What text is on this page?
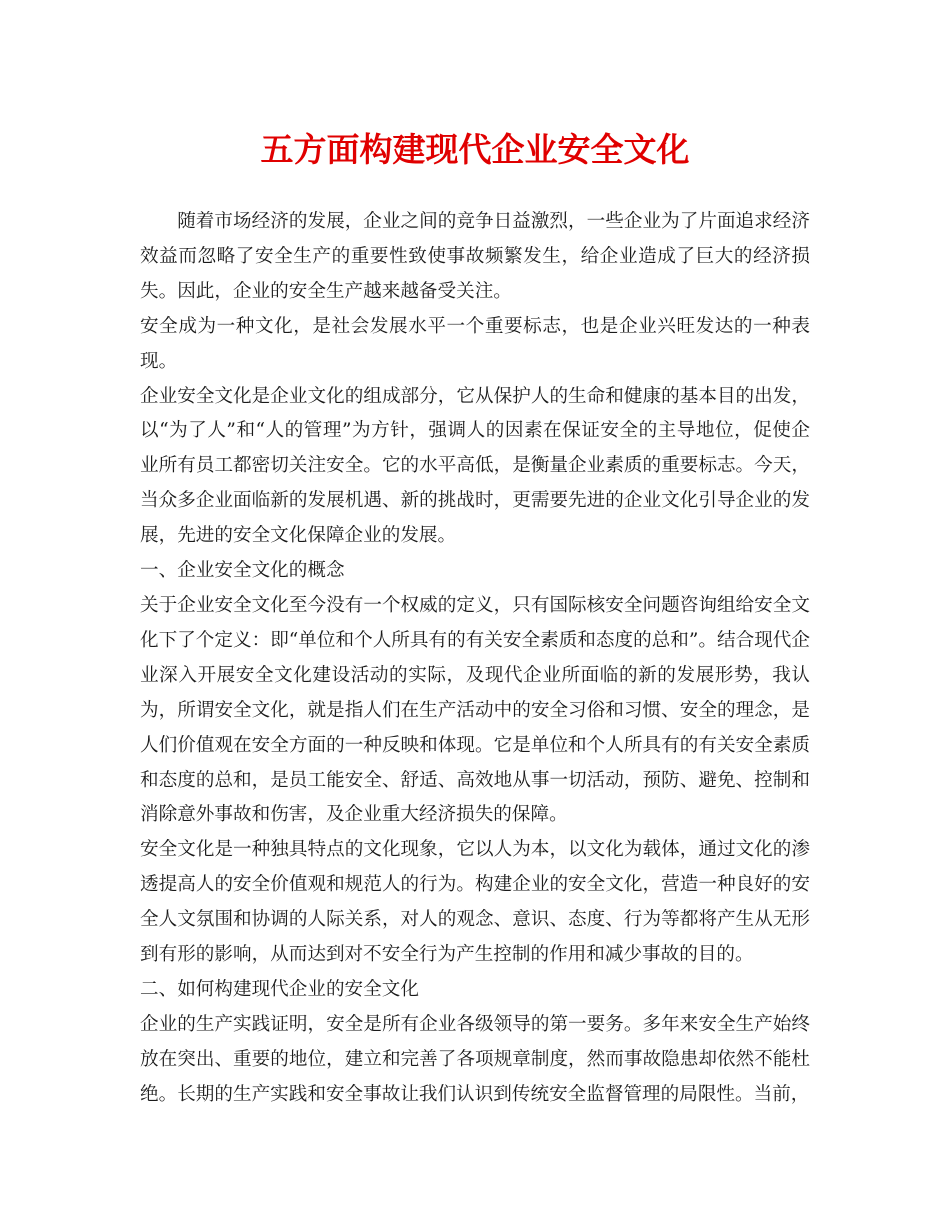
五方面构建现代企业安全文化

随着市场经济的发展，企业之间的竞争日益激烈，一些企业为了片面追求经济效益而忽略了安全生产的重要性致使事故频繁发生，给企业造成了巨大的经济损失。因此，企业的安全生产越来越备受关注。

安全成为一种文化，是社会发展水平一个重要标志，也是企业兴旺发达的一种表现。

企业安全文化是企业文化的组成部分，它从保护人的生命和健康的基本目的出发，以“为了人”和“人的管理”为方针，强调人的因素在保证安全的主导地位，促使企业所有员工都密切关注安全。它的水平高低，是衡量企业素质的重要标志。今天，当众多企业面临新的发展机遇、新的挑战时，更需要先进的企业文化引导企业的发展，先进的安全文化保障企业的发展。

一、企业安全文化的概念

关于企业安全文化至今没有一个权威的定义，只有国际核安全问题咨询组给安全文化下了个定义：即“单位和个人所具有的有关安全素质和态度的总和”。结合现代企业深入开展安全文化建设活动的实际，及现代企业所面临的新的发展形势，我认为，所谓安全文化，就是指人们在生产活动中的安全习俗和习惯、安全的理念，是人们价值观在安全方面的一种反映和体现。它是单位和个人所具有的有关安全素质和态度的总和，是员工能安全、舒适、高效地从事一切活动，预防、避免、控制和消除意外事故和伤害，及企业重大经济损失的保障。

安全文化是一种独具特点的文化现象，它以人为本，以文化为载体，通过文化的渗透提高人的安全价值观和规范人的行为。构建企业的安全文化，营造一种良好的安全人文氛围和协调的人际关系，对人的观念、意识、态度、行为等都将产生从无形到有形的影响，从而达到对不安全行为产生控制的作用和减少事故的目的。

二、如何构建现代企业的安全文化

企业的生产实践证明，安全是所有企业各级领导的第一要务。多年来安全生产始终放在突出、重要的地位，建立和完善了各项规章制度，然而事故隐患却依然不能杜绝。长期的生产实践和安全事故让我们认识到传统安全监督管理的局限性。当前，
